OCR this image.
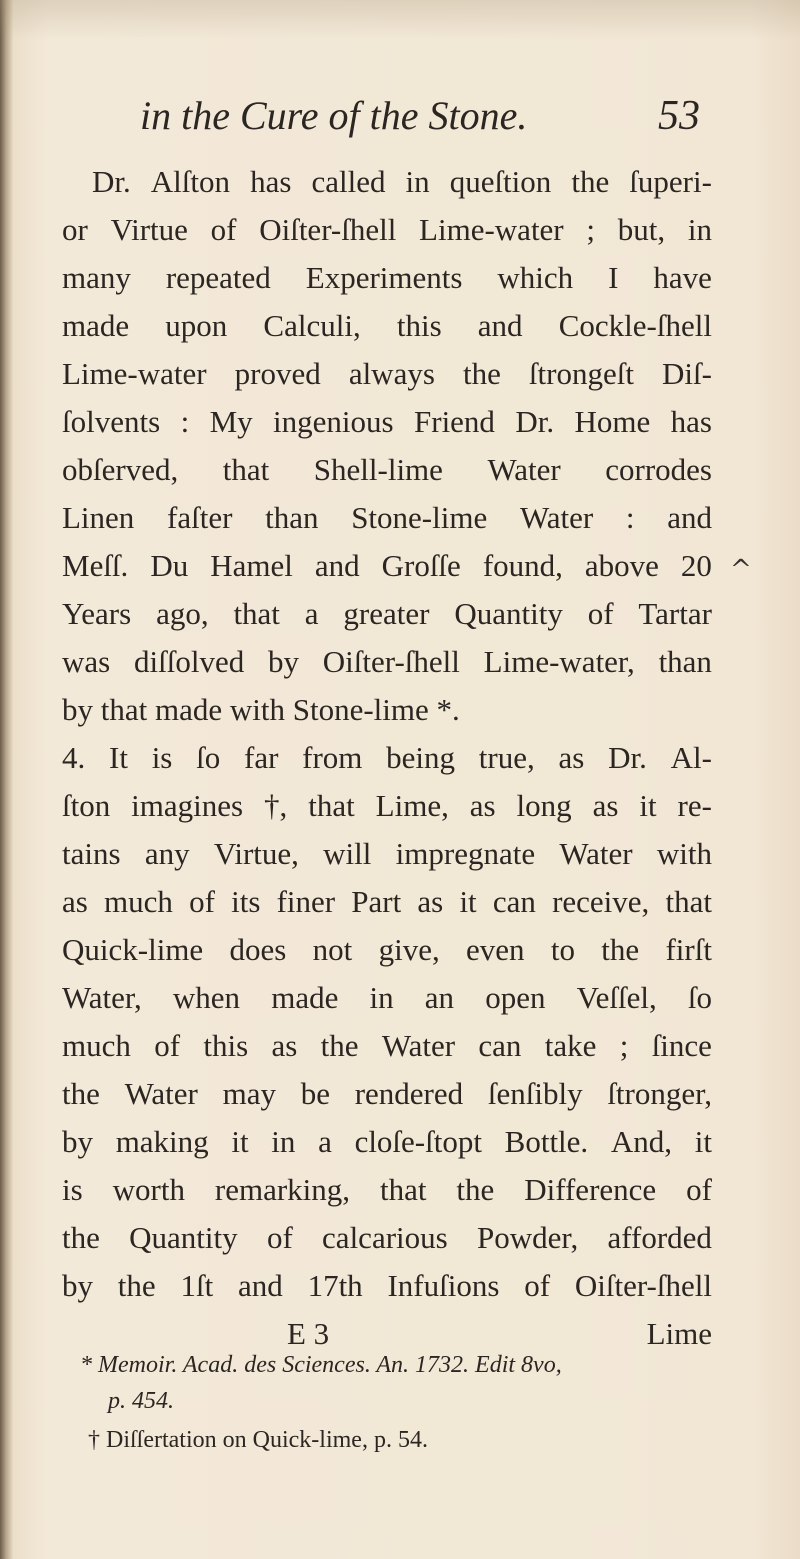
in the Cure of the Stone.	53
Dr. Alſton has called in queſtion the ſuperi-
or Virtue of Oiſter-ſhell Lime-water ; but, in
many repeated Experiments which I have
made upon Calculi, this and Cockle-ſhell
Lime-water proved always the ſtrongeſt Diſ-
ſolvents : My ingenious Friend Dr. Home has
obſerved, that Shell-lime Water corrodes
Linen faſter than Stone-lime Water : and
Meſſ. Du Hamel and Groſſe found, above 20
Years ago, that a greater Quantity of Tartar
was diſſolved by Oiſter-ſhell Lime-water, than
by that made with Stone-lime *.
4. It is ſo far from being true, as Dr. Al-
ſton imagines †, that Lime, as long as it re-
tains any Virtue, will impregnate Water with
as much of its finer Part as it can receive, that
Quick-lime does not give, even to the firſt
Water, when made in an open Veſſel, ſo
much of this as the Water can take ; ſince
the Water may be rendered ſenſibly ſtronger,
by making it in a cloſe-ſtopt Bottle. And, it
is worth remarking, that the Difference of
the Quantity of calcarious Powder, afforded
by the 1ſt and 17th Infuſions of Oiſter-ſhell
E 3	Lime
^
* Memoir. Acad. des Sciences. An. 1732. Edit 8vo,
p. 454.
† Diſſertation on Quick-lime, p. 54.
